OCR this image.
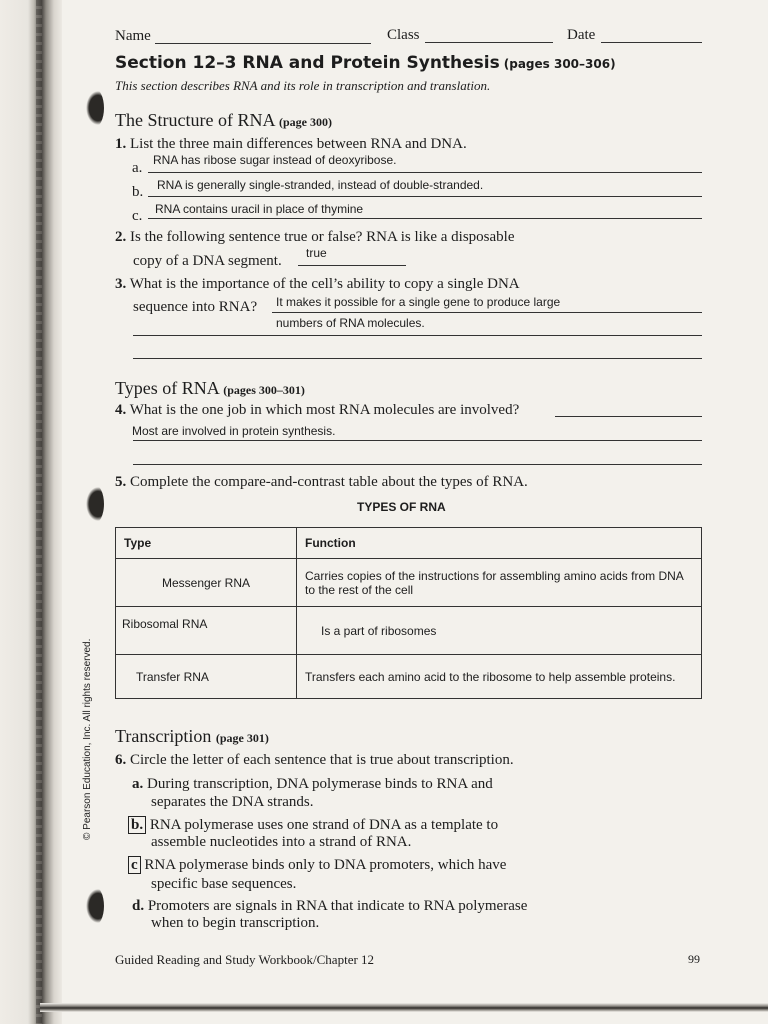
Name	Class	Date
Section 12–3 RNA and Protein Synthesis (pages 300–306)
This section describes RNA and its role in transcription and translation.
The Structure of RNA (page 300)
1. List the three main differences between RNA and DNA.
a. RNA has ribose sugar instead of deoxyribose.
b. RNA is generally single-stranded, instead of double-stranded.
c. RNA contains uracil in place of thymine
2. Is the following sentence true or false? RNA is like a disposable
copy of a DNA segment. true
3. What is the importance of the cell’s ability to copy a single DNA
sequence into RNA? It makes it possible for a single gene to produce large
numbers of RNA molecules.
Types of RNA (pages 300–301)
4. What is the one job in which most RNA molecules are involved?
Most are involved in protein synthesis.
5. Complete the compare-and-contrast table about the types of RNA.
TYPES OF RNA
Type	Function
Messenger RNA	Carries copies of the instructions for assembling amino acids from DNA to the rest of the cell
Ribosomal RNA	Is a part of ribosomes
Transfer RNA	Transfers each amino acid to the ribosome to help assemble proteins.
Transcription (page 301)
6. Circle the letter of each sentence that is true about transcription.
a. During transcription, DNA polymerase binds to RNA and
separates the DNA strands.
b. RNA polymerase uses one strand of DNA as a template to
assemble nucleotides into a strand of RNA.
c RNA polymerase binds only to DNA promoters, which have
specific base sequences.
d. Promoters are signals in RNA that indicate to RNA polymerase
when to begin transcription.
© Pearson Education, Inc. All rights reserved.
Guided Reading and Study Workbook/Chapter 12	99
